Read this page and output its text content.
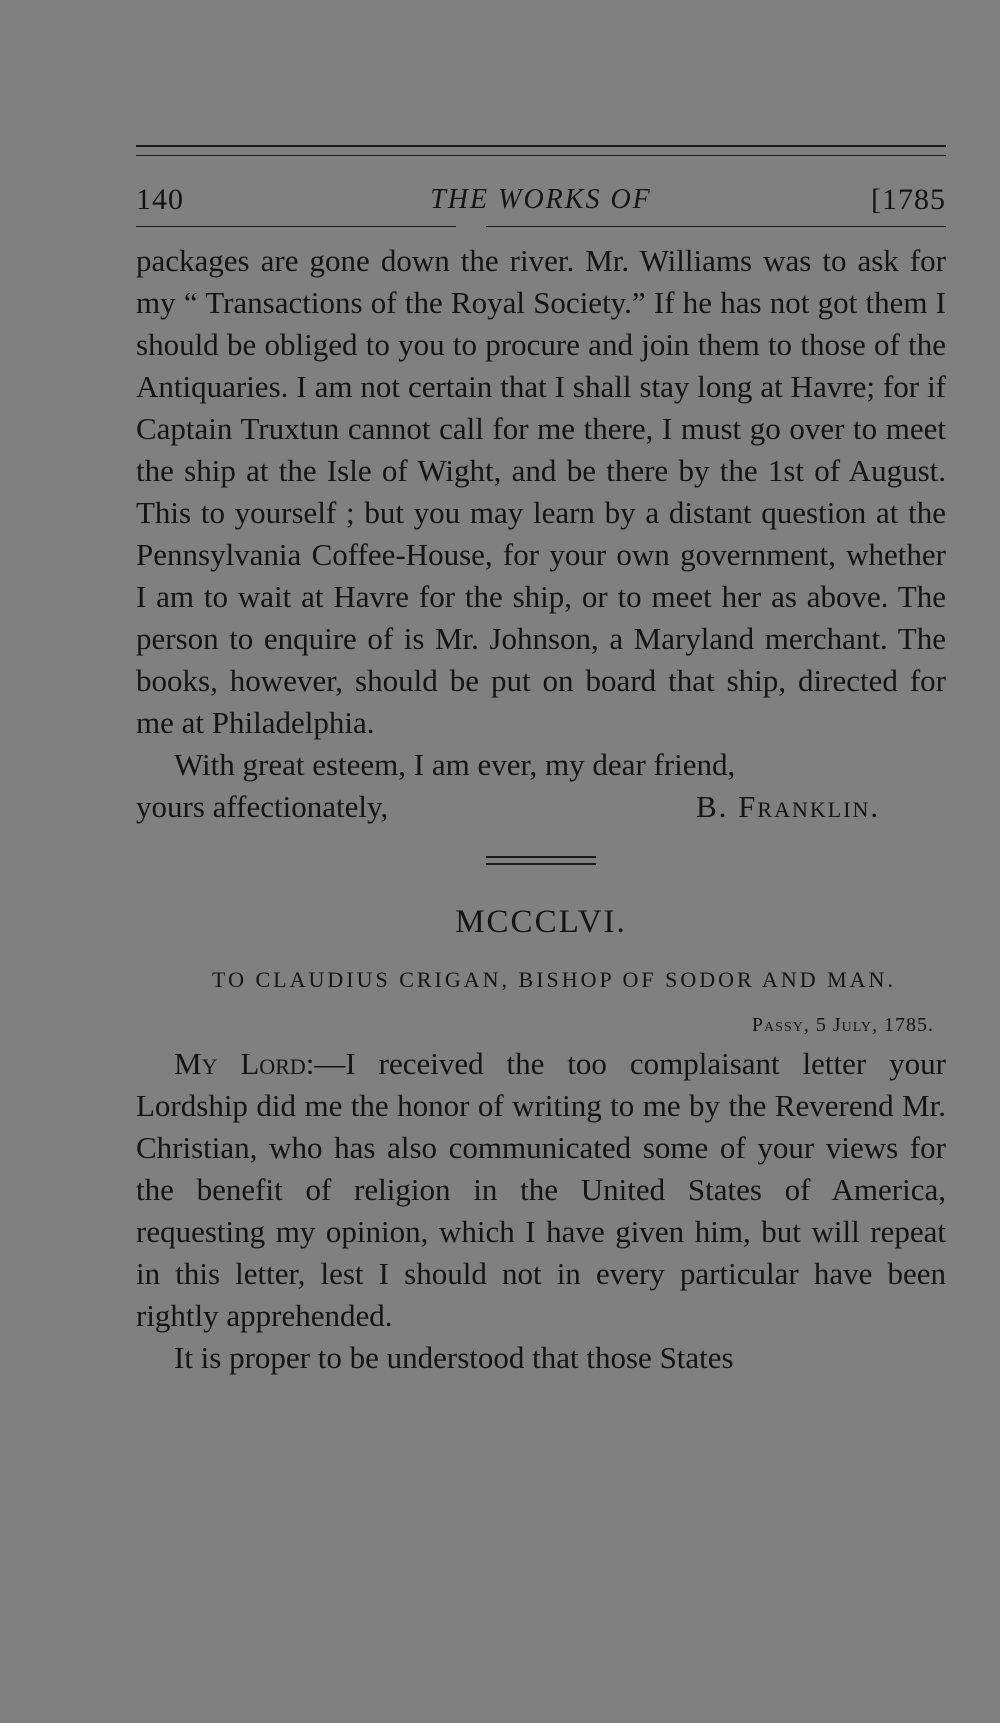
140	THE WORKS OF	[1785

packages are gone down the river. Mr. Williams was to ask for my “ Transactions of the Royal Society.” If he has not got them I should be obliged to you to procure and join them to those of the Antiquaries. I am not certain that I shall stay long at Havre; for if Captain Truxtun cannot call for me there, I must go over to meet the ship at the Isle of Wight, and be there by the 1st of August. This to yourself ; but you may learn by a distant question at the Pennsylvania Coffee-House, for your own government, whether I am to wait at Havre for the ship, or to meet her as above. The person to enquire of is Mr. Johnson, a Maryland merchant. The books, however, should be put on board that ship, directed for me at Philadelphia.

With great esteem, I am ever, my dear friend,

yours affectionately,	B. Franklin.
MCCCLVI.
TO CLAUDIUS CRIGAN, BISHOP OF SODOR AND MAN.
Passy, 5 July, 1785.

My Lord:—I received the too complaisant letter your Lordship did me the honor of writing to me by the Reverend Mr. Christian, who has also communicated some of your views for the benefit of religion in the United States of America, requesting my opinion, which I have given him, but will repeat in this letter, lest I should not in every particular have been rightly apprehended.

It is proper to be understood that those States
